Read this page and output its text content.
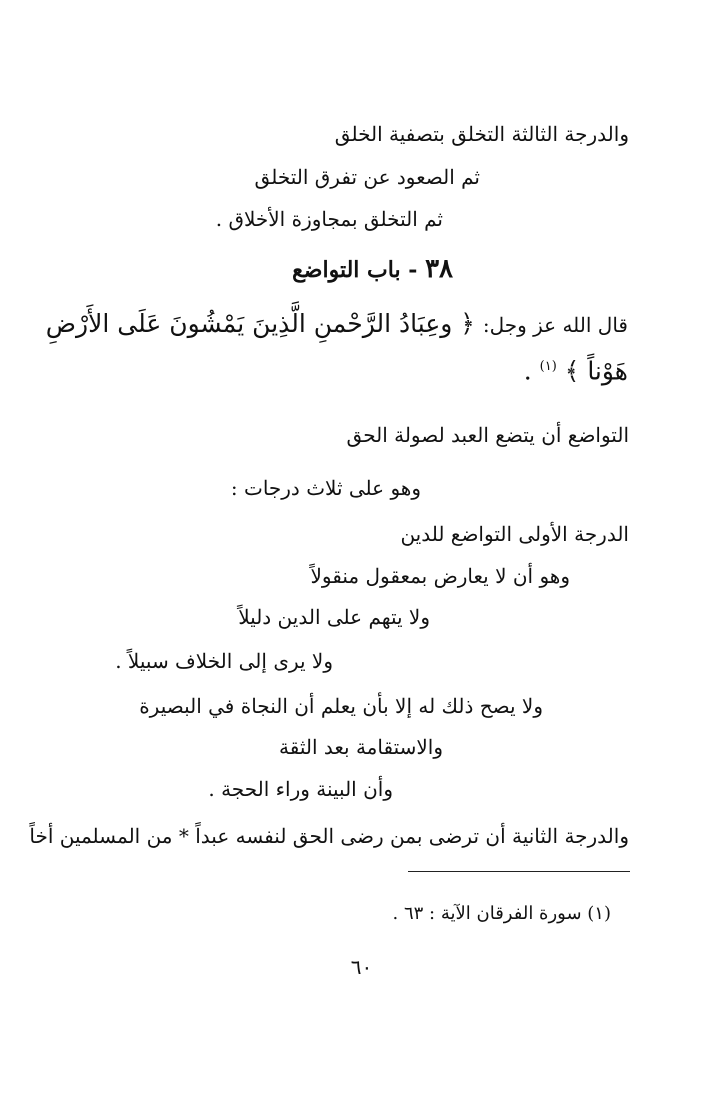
والدرجة الثالثة التخلق بتصفية الخلق
ثم الصعود عن تفرق التخلق
ثم التخلق بمجاوزة الأخلاق .
٣٨ - باب التواضع
قال الله عز وجل: ﴿ وعِبَادُ الرَّحْمنِ الَّذِينَ يَمْشُونَ عَلَى الأَرْضِ
هَوْناً ﴾ $^{(١)}$ .
التواضع أن يتضع العبد لصولة الحق
وهو على ثلاث درجات :
الدرجة الأولى التواضع للدين
وهو أن لا يعارض بمعقول منقولاً
ولا يتهم على الدين دليلاً
ولا يرى إلى الخلاف سبيلاً .
ولا يصح ذلك له إلا بأن يعلم أن النجاة في البصيرة
والاستقامة بعد الثقة
وأن البينة وراء الحجة .
والدرجة الثانية أن ترضى بمن رضى الحق لنفسه عبداً * من المسلمين أخاً
(١) سورة الفرقان الآية : ٦٣ .
٦٠
